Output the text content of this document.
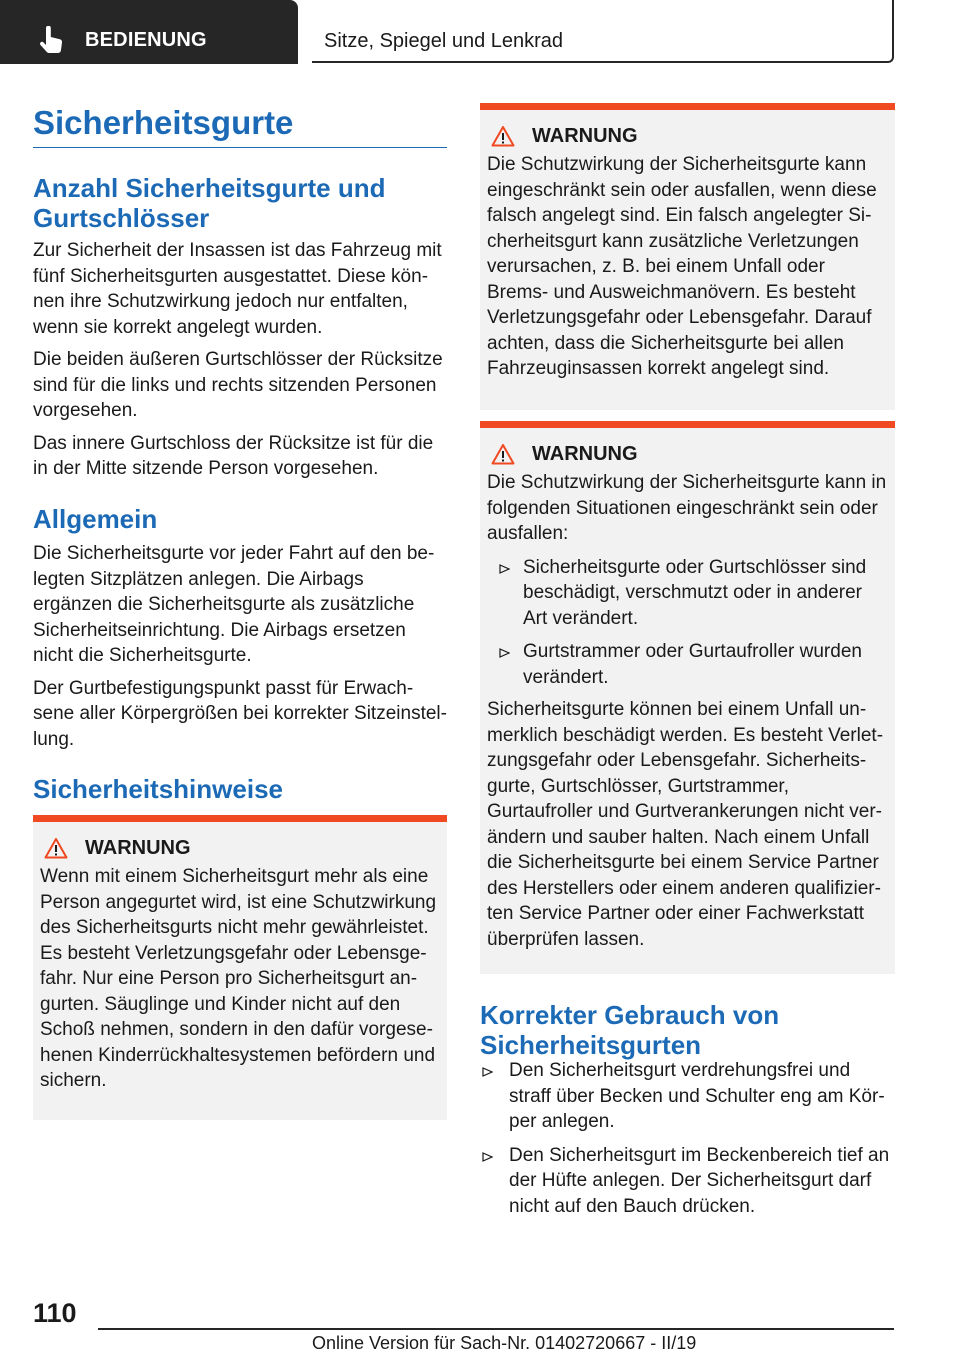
BEDIENUNG	Sitze, Spiegel und Lenkrad
Sicherheitsgurte
Anzahl Sicherheitsgurte und Gurtschlösser

Zur Sicherheit der Insassen ist das Fahrzeug mit fünf Sicherheitsgurten ausgestattet. Diese können ihre Schutzwirkung jedoch nur entfalten, wenn sie korrekt angelegt wurden.

Die beiden äußeren Gurtschlösser der Rücksitze sind für die links und rechts sitzenden Personen vorgesehen.

Das innere Gurtschloss der Rücksitze ist für die in der Mitte sitzende Person vorgesehen.

Allgemein

Die Sicherheitsgurte vor jeder Fahrt auf den belegten Sitzplätzen anlegen. Die Airbags ergänzen die Sicherheitsgurte als zusätzliche Sicherheitseinrichtung. Die Airbags ersetzen nicht die Sicherheitsgurte.

Der Gurtbefestigungspunkt passt für Erwachsene aller Körpergrößen bei korrekter Sitzeinstellung.

Sicherheitshinweise
WARNUNG

Wenn mit einem Sicherheitsgurt mehr als eine Person angegurtet wird, ist eine Schutzwirkung des Sicherheitsgurts nicht mehr gewährleistet. Es besteht Verletzungsgefahr oder Lebensgefahr. Nur eine Person pro Sicherheitsgurt angurten. Säuglinge und Kinder nicht auf den Schoß nehmen, sondern in den dafür vorgesehenen Kinderrückhaltesystemen befördern und sichern.

WARNUNG

Die Schutzwirkung der Sicherheitsgurte kann eingeschränkt sein oder ausfallen, wenn diese falsch angelegt sind. Ein falsch angelegter Sicherheitsgurt kann zusätzliche Verletzungen verursachen, z. B. bei einem Unfall oder Brems- und Ausweichmanövern. Es besteht Verletzungsgefahr oder Lebensgefahr. Darauf achten, dass die Sicherheitsgurte bei allen Fahrzeuginsassen korrekt angelegt sind.

WARNUNG

Die Schutzwirkung der Sicherheitsgurte kann in folgenden Situationen eingeschränkt sein oder ausfallen:

Sicherheitsgurte oder Gurtschlösser sind beschädigt, verschmutzt oder in anderer Art verändert.
Gurtstrammer oder Gurtaufroller wurden verändert.

Sicherheitsgurte können bei einem Unfall unmerklich beschädigt werden. Es besteht Verletzungsgefahr oder Lebensgefahr. Sicherheitsgurte, Gurtschlösser, Gurtstrammer, Gurtaufroller und Gurtverankerungen nicht verändern und sauber halten. Nach einem Unfall die Sicherheitsgurte bei einem Service Partner des Herstellers oder einem anderen qualifizierten Service Partner oder einer Fachwerkstatt überprüfen lassen.

Korrekter Gebrauch von Sicherheitsgurten
Den Sicherheitsgurt verdrehungsfrei und straff über Becken und Schulter eng am Körper anlegen.
Den Sicherheitsgurt im Beckenbereich tief an der Hüfte anlegen. Der Sicherheitsgurt darf nicht auf den Bauch drücken.
110
Online Version für Sach-Nr. 01402720667 - II/19
